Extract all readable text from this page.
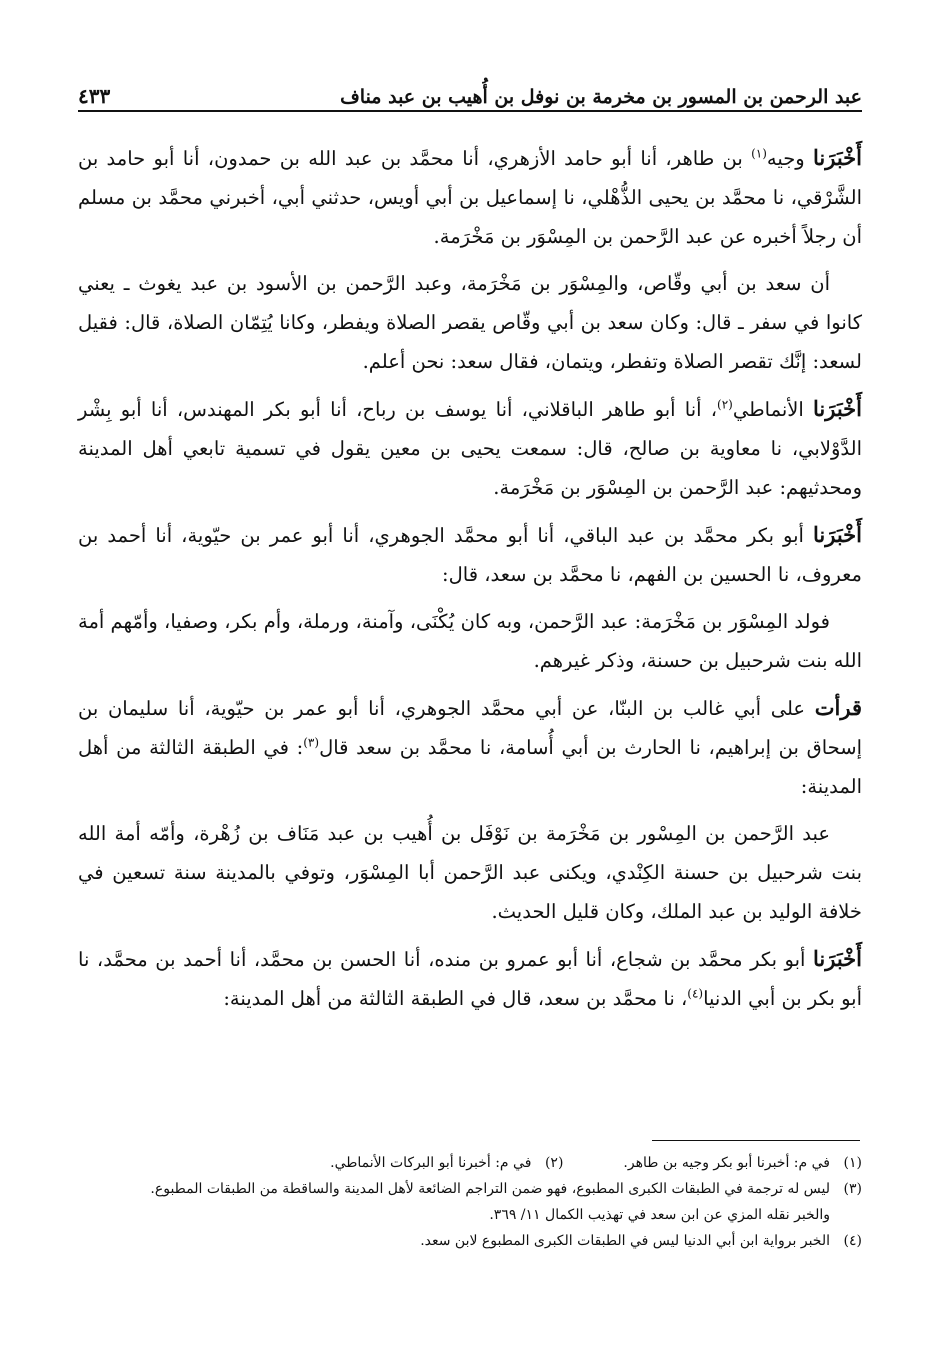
عبد الرحمن بن المسور بن مخرمة بن نوفل بن أُهيب بن عبد مناف
٤٣٣

أَخْبَرَنا وجيه$^{(١)}$ بن طاهر، أنا أبو حامد الأزهري، أنا محمَّد بن عبد الله بن حمدون، أنا أبو حامد بن الشَّرْقي، نا محمَّد بن يحيى الذُّهْلي، نا إسماعيل بن أبي أويس، حدثني أبي، أخبرني محمَّد بن مسلم أن رجلاً أخبره عن عبد الرَّحمن بن المِسْوَر بن مَخْرَمة.

أن سعد بن أبي وقّاص، والمِسْوَر بن مَخْرَمة، وعبد الرَّحمن بن الأسود بن عبد يغوث ـ يعني كانوا في سفر ـ قال: وكان سعد بن أبي وقّاص يقصر الصلاة ويفطر، وكانا يُتِمّان الصلاة، قال: فقيل لسعد: إنَّك تقصر الصلاة وتفطر، ويتمان، فقال سعد: نحن أعلم.

أَخْبَرَنا الأنماطي$^{(٢)}$، أنا أبو طاهر الباقلاني، أنا يوسف بن رباح، أنا أبو بكر المهندس، أنا أبو بِشْر الدَّوْلابي، نا معاوية بن صالح، قال: سمعت يحيى بن معين يقول في تسمية تابعي أهل المدينة ومحدثيهم: عبد الرَّحمن بن المِسْوَر بن مَخْرَمة.

أَخْبَرَنا أبو بكر محمَّد بن عبد الباقي، أنا أبو محمَّد الجوهري، أنا أبو عمر بن حيّوية، أنا أحمد بن معروف، نا الحسين بن الفهم، نا محمَّد بن سعد، قال:

فولد المِسْوَر بن مَخْرَمة: عبد الرَّحمن، وبه كان يُكْنَى، وآمنة، ورملة، وأم بكر، وصفيا، وأمّهم أمة الله بنت شرحبيل بن حسنة، وذكر غيرهم.

قرأت على أبي غالب بن البنّا، عن أبي محمَّد الجوهري، أنا أبو عمر بن حيّوية، أنا سليمان بن إسحاق بن إبراهيم، نا الحارث بن أبي أُسامة، نا محمَّد بن سعد قال$^{(٣)}$: في الطبقة الثالثة من أهل المدينة:

عبد الرَّحمن بن المِسْور بن مَخْرَمة بن نَوْفَل بن أُهيب بن عبد مَنَاف بن زُهْرة، وأمّه أمة الله بنت شرحبيل بن حسنة الكِنْدي، ويكنى عبد الرَّحمن أبا المِسْوَر، وتوفي بالمدينة سنة تسعين في خلافة الوليد بن عبد الملك، وكان قليل الحديث.

أَخْبَرَنا أبو بكر محمَّد بن شجاع، أنا أبو عمرو بن منده، أنا الحسن بن محمَّد، أنا أحمد بن محمَّد، نا أبو بكر بن أبي الدنيا$^{(٤)}$، نا محمَّد بن سعد، قال في الطبقة الثالثة من أهل المدينة:

(١)
في م: أخبرنا أبو بكر وجيه بن طاهر.
(٢)
في م: أخبرنا أبو البركات الأنماطي.
(٣)
ليس له ترجمة في الطبقات الكبرى المطبوع، فهو ضمن التراجم الضائعة لأهل المدينة والساقطة من الطبقات المطبوع.
والخبر نقله المزي عن ابن سعد في تهذيب الكمال ١١/ ٣٦٩.
(٤)
الخبر برواية ابن أبي الدنيا ليس في الطبقات الكبرى المطبوع لابن سعد.
